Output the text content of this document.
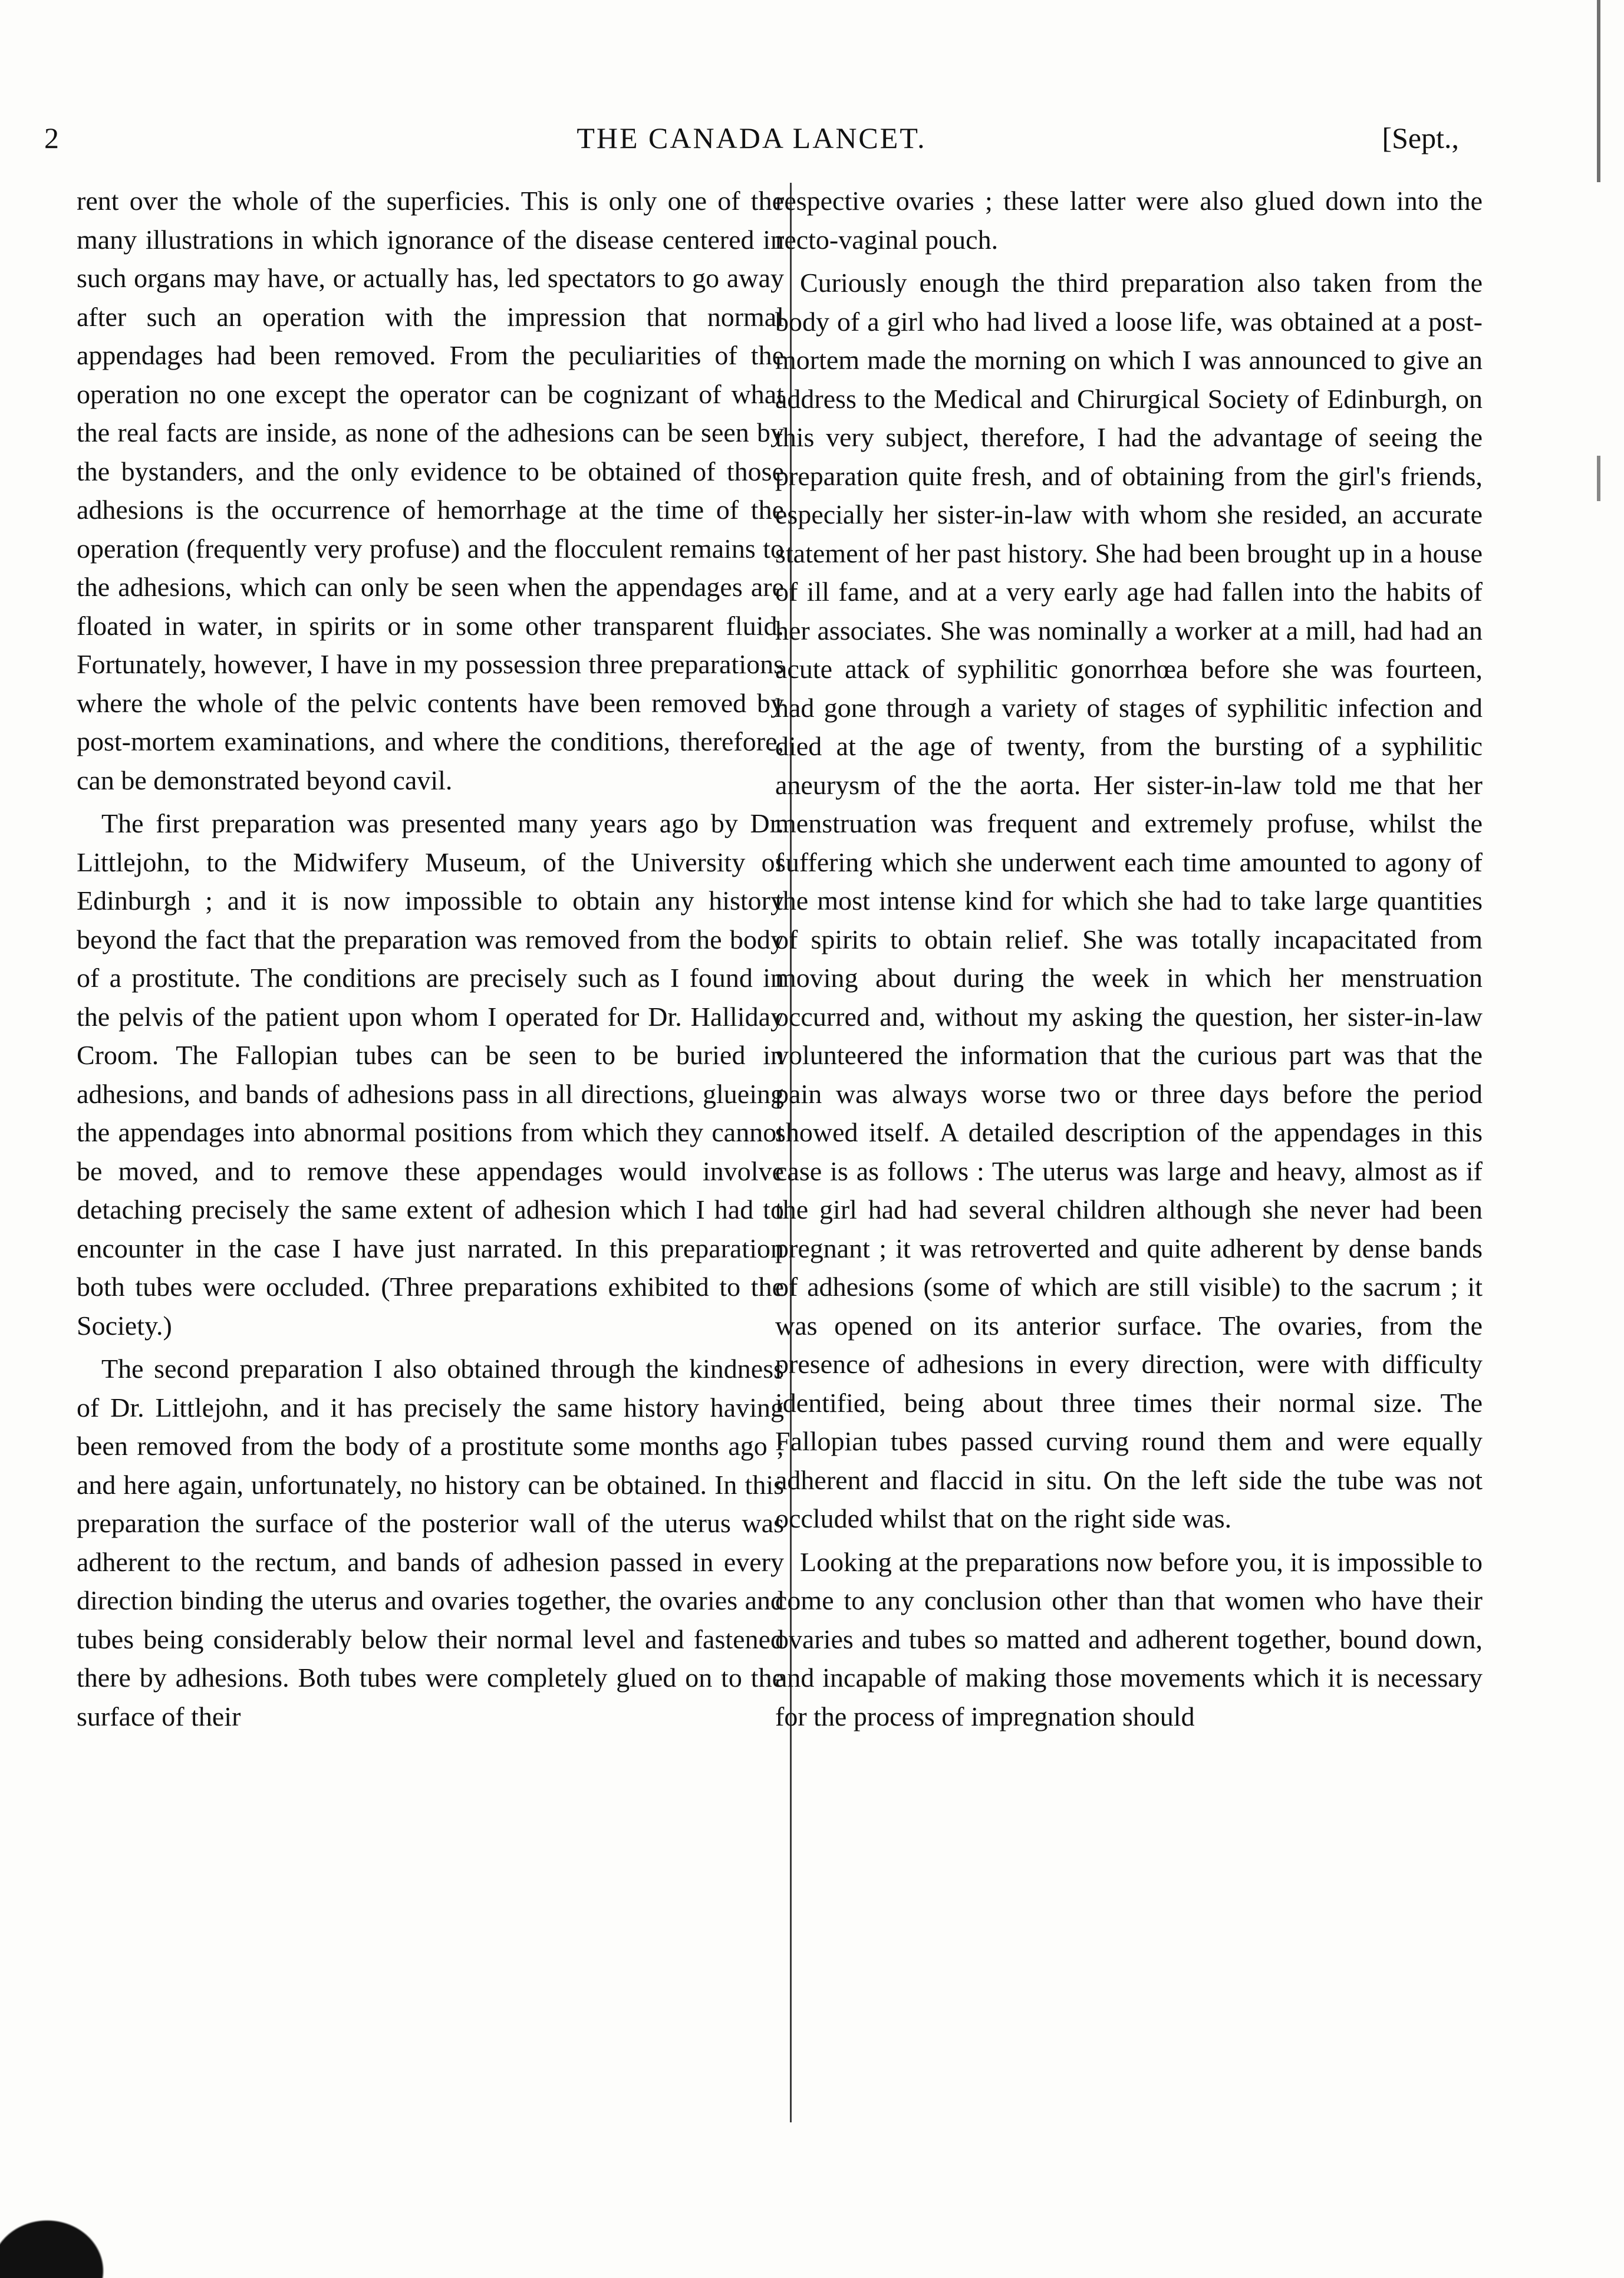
2	THE CANADA LANCET.	[Sept.,

rent over the whole of the superficies. This is only one of the many illustrations in which ignorance of the disease centered in such organs may have, or actually has, led spectators to go away after such an operation with the impression that normal appendages had been removed. From the peculiarities of the operation no one except the operator can be cognizant of what the real facts are inside, as none of the adhesions can be seen by the bystanders, and the only evidence to be obtained of those adhesions is the occurrence of hemorrhage at the time of the operation (frequently very profuse) and the flocculent remains to the adhesions, which can only be seen when the appendages are floated in water, in spirits or in some other transparent fluid. Fortunately, however, I have in my possession three preparations where the whole of the pelvic contents have been removed by post-mortem examinations, and where the conditions, therefore, can be demonstrated beyond cavil.

The first preparation was presented many years ago by Dr. Littlejohn, to the Midwifery Museum, of the University of Edinburgh ; and it is now impossible to obtain any history beyond the fact that the preparation was removed from the body of a prostitute. The conditions are precisely such as I found in the pelvis of the patient upon whom I operated for Dr. Halliday Croom. The Fallopian tubes can be seen to be buried in adhesions, and bands of adhesions pass in all directions, glueing the appendages into abnormal positions from which they cannot be moved, and to remove these appendages would involve detaching precisely the same extent of adhesion which I had to encounter in the case I have just narrated. In this preparation both tubes were occluded. (Three preparations exhibited to the Society.)

The second preparation I also obtained through the kindness of Dr. Littlejohn, and it has precisely the same history having been removed from the body of a prostitute some months ago ; and here again, unfortunately, no history can be obtained. In this preparation the surface of the posterior wall of the uterus was adherent to the rectum, and bands of adhesion passed in every direction binding the uterus and ovaries together, the ovaries and tubes being considerably below their normal level and fastened there by adhesions. Both tubes were completely glued on to the surface of their

respective ovaries ; these latter were also glued down into the recto-vaginal pouch.

Curiously enough the third preparation also taken from the body of a girl who had lived a loose life, was obtained at a post-mortem made the morning on which I was announced to give an address to the Medical and Chirurgical Society of Edinburgh, on this very subject, therefore, I had the advantage of seeing the preparation quite fresh, and of obtaining from the girl's friends, especially her sister-in-law with whom she resided, an accurate statement of her past history. She had been brought up in a house of ill fame, and at a very early age had fallen into the habits of her associates. She was nominally a worker at a mill, had had an acute attack of syphilitic gonorrhœa before she was fourteen, had gone through a variety of stages of syphilitic infection and died at the age of twenty, from the bursting of a syphilitic aneurysm of the the aorta. Her sister-in-law told me that her menstruation was frequent and extremely profuse, whilst the suffering which she underwent each time amounted to agony of the most intense kind for which she had to take large quantities of spirits to obtain relief. She was totally incapacitated from moving about during the week in which her menstruation occurred and, without my asking the question, her sister-in-law volunteered the information that the curious part was that the pain was always worse two or three days before the period showed itself. A detailed description of the appendages in this case is as follows : The uterus was large and heavy, almost as if the girl had had several children although she never had been pregnant ; it was retroverted and quite adherent by dense bands of adhesions (some of which are still visible) to the sacrum ; it was opened on its anterior surface. The ovaries, from the presence of adhesions in every direction, were with difficulty identified, being about three times their normal size. The Fallopian tubes passed curving round them and were equally adherent and flaccid in situ. On the left side the tube was not occluded whilst that on the right side was.

Looking at the preparations now before you, it is impossible to come to any conclusion other than that women who have their ovaries and tubes so matted and adherent together, bound down, and incapable of making those movements which it is necessary for the process of impregnation should
